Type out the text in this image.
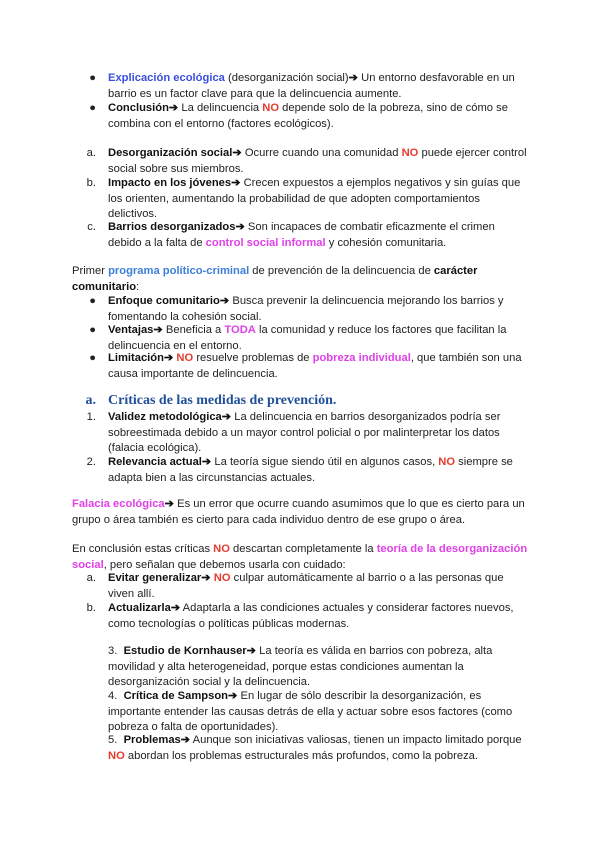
● Explicación ecológica (desorganización social)➔ Un entorno desfavorable en un barrio es un factor clave para que la delincuencia aumente.
● Conclusión➔ La delincuencia NO depende solo de la pobreza, sino de cómo se combina con el entorno (factores ecológicos).
a. Desorganización social➔ Ocurre cuando una comunidad NO puede ejercer control social sobre sus miembros.
b. Impacto en los jóvenes➔ Crecen expuestos a ejemplos negativos y sin guías que los orienten, aumentando la probabilidad de que adopten comportamientos delictivos.
c. Barrios desorganizados➔ Son incapaces de combatir eficazmente el crimen debido a la falta de control social informal y cohesión comunitaria.
Primer programa político-criminal de prevención de la delincuencia de carácter comunitario:
● Enfoque comunitario➔ Busca prevenir la delincuencia mejorando los barrios y fomentando la cohesión social.
● Ventajas➔ Beneficia a TODA la comunidad y reduce los factores que facilitan la delincuencia en el entorno.
● Limitación➔ NO resuelve problemas de pobreza individual, que también son una causa importante de delincuencia.
a. Críticas de las medidas de prevención.
1. Validez metodológica➔ La delincuencia en barrios desorganizados podría ser sobreestimada debido a un mayor control policial o por malinterpretar los datos (falacia ecológica).
2. Relevancia actual➔ La teoría sigue siendo útil en algunos casos, NO siempre se adapta bien a las circunstancias actuales.
Falacia ecológica➔ Es un error que ocurre cuando asumimos que lo que es cierto para un grupo o área también es cierto para cada individuo dentro de ese grupo o área.
En conclusión estas críticas NO descartan completamente la teoría de la desorganización social, pero señalan que debemos usarla con cuidado:
a. Evitar generalizar➔ NO culpar automáticamente al barrio o a las personas que viven allí.
b. Actualizarla➔ Adaptarla a las condiciones actuales y considerar factores nuevos, como tecnologías o políticas públicas modernas.
3. Estudio de Kornhauser➔ La teoría es válida en barrios con pobreza, alta movilidad y alta heterogeneidad, porque estas condiciones aumentan la desorganización social y la delincuencia.
4. Crítica de Sampson➔ En lugar de sólo describir la desorganización, es importante entender las causas detrás de ella y actuar sobre esos factores (como pobreza o falta de oportunidades).
5. Problemas➔ Aunque son iniciativas valiosas, tienen un impacto limitado porque NO abordan los problemas estructurales más profundos, como la pobreza.
